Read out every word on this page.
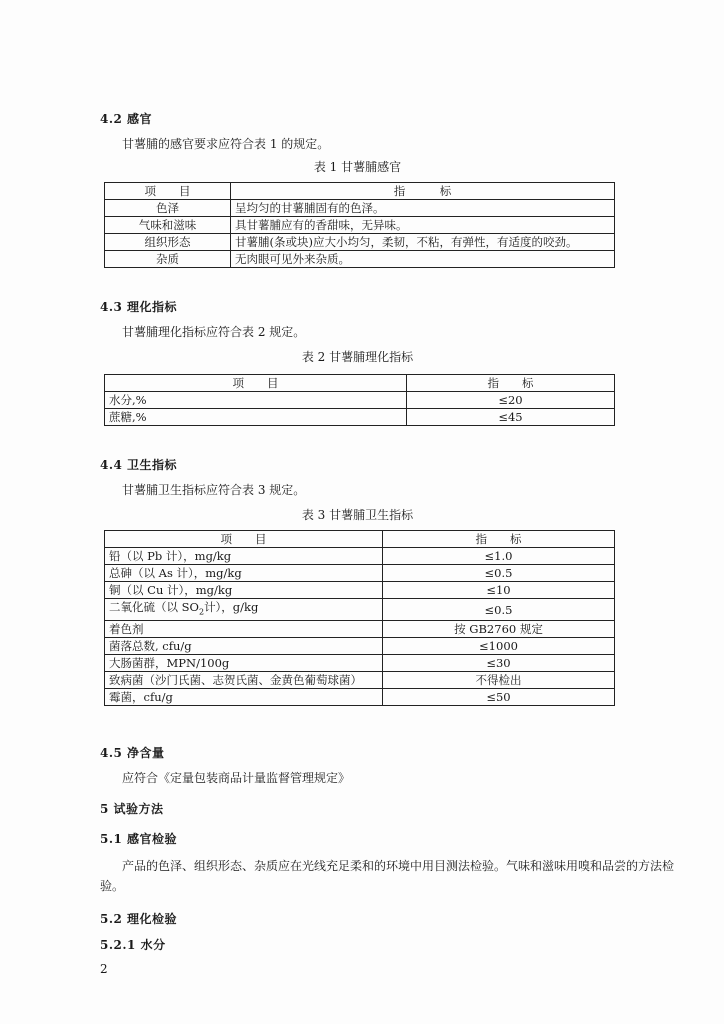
4.2 感官
甘薯脯的感官要求应符合表 1 的规定。
表 1 甘薯脯感官
项　　目	指　　　标
色泽	呈均匀的甘薯脯固有的色泽。
气味和滋味	具甘薯脯应有的香甜味，无异味。
组织形态	甘薯脯(条或块)应大小均匀，柔韧，不粘，有弹性，有适度的咬劲。
杂质	无肉眼可见外来杂质。
4.3 理化指标
甘薯脯理化指标应符合表 2 规定。
表 2 甘薯脯理化指标
项　　目	指　　标
水分,%	≤20
蔗糖,%	≤45
4.4 卫生指标
甘薯脯卫生指标应符合表 3 规定。
表 3 甘薯脯卫生指标
项　　目	指　　标
铅（以 Pb 计），mg/kg	≤1.0
总砷（以 As 计），mg/kg	≤0.5
铜（以 Cu 计），mg/kg	≤10
二氧化硫（以 $SO_2$计），g/kg	≤0.5
着色剂	按 GB2760 规定
菌落总数, cfu/g	≤1000
大肠菌群，MPN/100g	≤30
致病菌（沙门氏菌、志贺氏菌、金黄色葡萄球菌）	不得检出
霉菌，cfu/g	≤50
4.5 净含量
应符合《定量包装商品计量监督管理规定》
5 试验方法
5.1 感官检验
产品的色泽、组织形态、杂质应在光线充足柔和的环境中用目测法检验。气味和滋味用嗅和品尝的方法检验。
5.2 理化检验
5.2.1 水分
2
